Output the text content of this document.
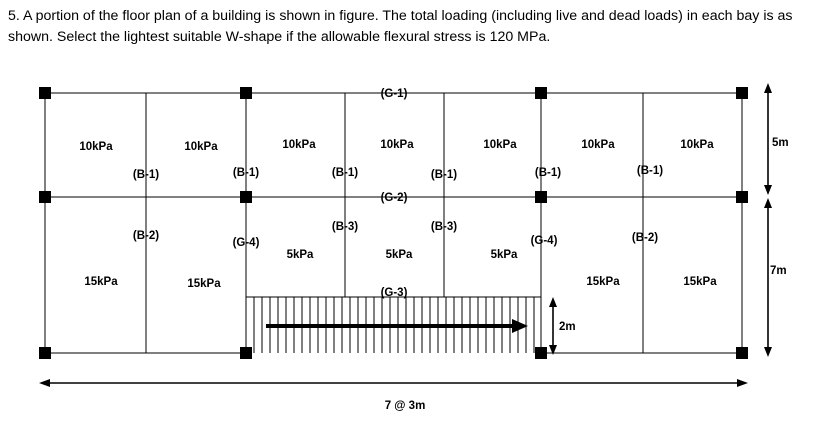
5. A portion of the floor plan of a building is shown in figure. The total loading (including live and dead loads) in each bay is as shown. Select the lightest suitable W-shape if the allowable flexural stress is 120 MPa.
10kPa	10kPa	10kPa	10kPa	10kPa	10kPa	10kPa
15kPa	15kPa
5kPa	5kPa	5kPa
15kPa	15kPa
(G-1)
(G-2)
(G-3)
(G-4)	(G-4)
(B-1)	(B-1)	(B-1)	(B-1)	(B-1)	(B-1)
(B-2)	(B-2)
(B-3)	(B-3)
5m
7m
2m
7 @ 3m
